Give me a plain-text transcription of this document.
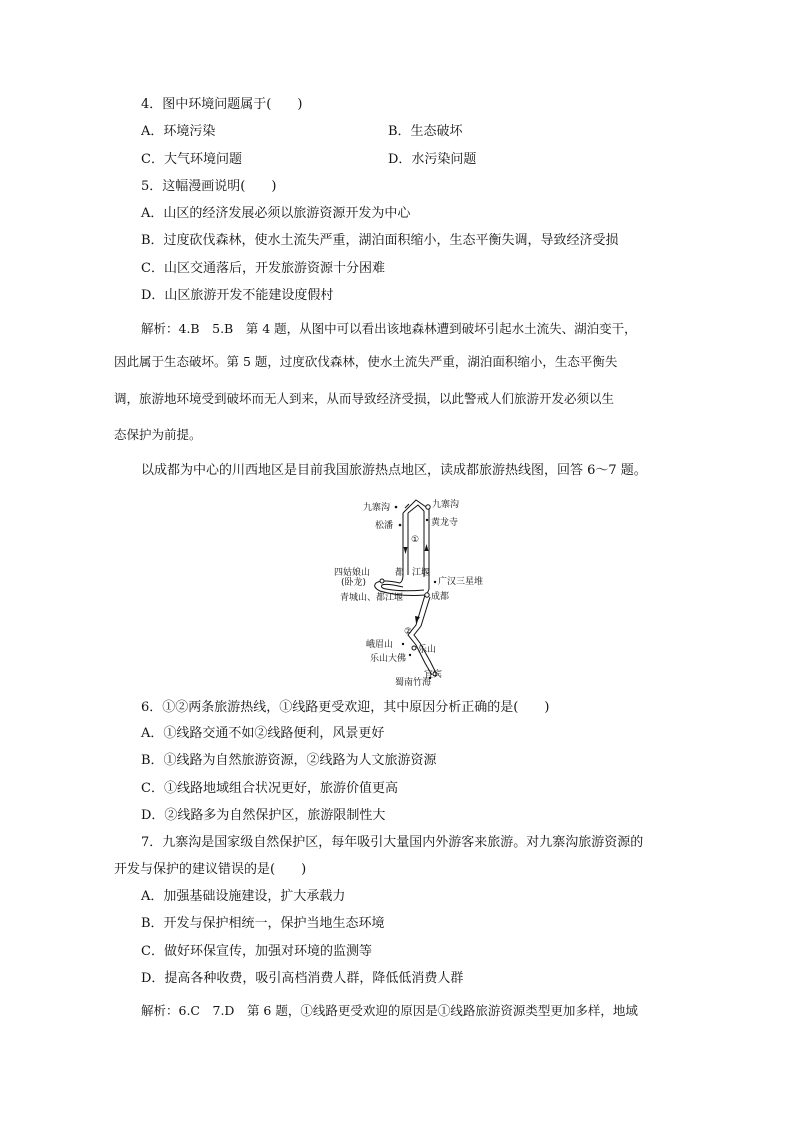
4．图中环境问题属于(　　)
A．环境污染	B．生态破坏
C．大气环境问题	D．水污染问题
5．这幅漫画说明(　　)
A．山区的经济发展必须以旅游资源开发为中心
B．过度砍伐森林，使水土流失严重，湖泊面积缩小，生态平衡失调，导致经济受损
C．山区交通落后，开发旅游资源十分困难
D．山区旅游开发不能建设度假村
解析：4.B　5.B　第 4 题，从图中可以看出该地森林遭到破坏引起水土流失、湖泊变干，
因此属于生态破坏。第 5 题，过度砍伐森林，使水土流失严重，湖泊面积缩小，生态平衡失
调，旅游地环境受到破坏而无人到来，从而导致经济受损，以此警戒人们旅游开发必须以生
态保护为前提。
以成都为中心的川西地区是目前我国旅游热点地区，读成都旅游热线图，回答 6～7 题。
九寨沟	九寨沟
黄龙寺
松潘
①
四姑娘山
(卧龙)
都 江堰
广汉三星堆
青城山、都江堰	成都
②
峨眉山	乐山
乐山大佛
宜宾
蜀南竹海
6．①②两条旅游热线，①线路更受欢迎，其中原因分析正确的是(　　)
A．①线路交通不如②线路便利，风景更好
B．①线路为自然旅游资源，②线路为人文旅游资源
C．①线路地域组合状况更好，旅游价值更高
D．②线路多为自然保护区，旅游限制性大
7．九寨沟是国家级自然保护区，每年吸引大量国内外游客来旅游。对九寨沟旅游资源的
开发与保护的建议错误的是(　　)
A．加强基础设施建设，扩大承载力
B．开发与保护相统一，保护当地生态环境
C．做好环保宣传，加强对环境的监测等
D．提高各种收费，吸引高档消费人群，降低低消费人群
解析：6.C　7.D　第 6 题，①线路更受欢迎的原因是①线路旅游资源类型更加多样，地域
